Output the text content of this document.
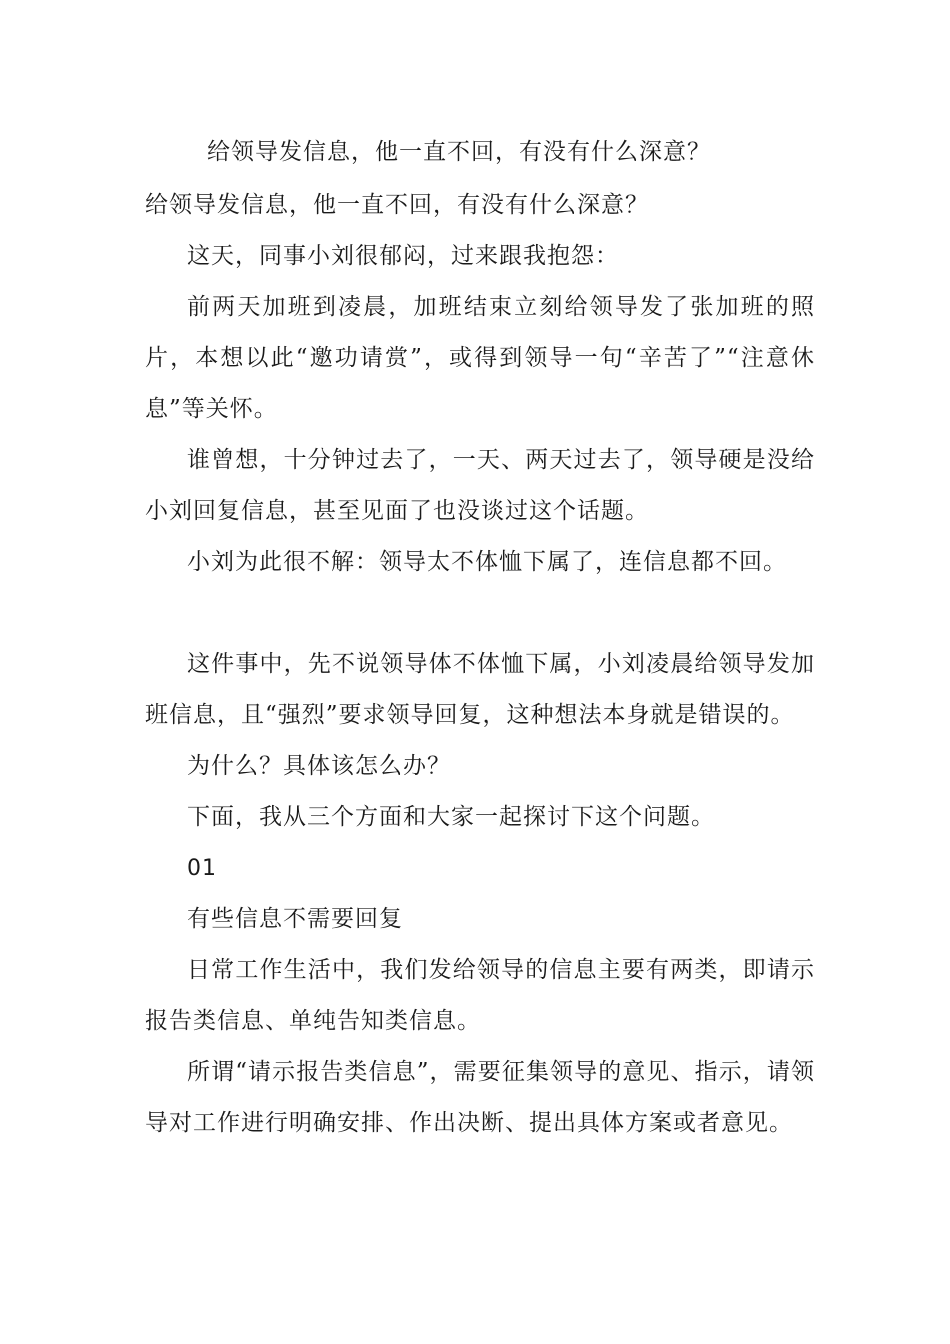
给领导发信息，他一直不回，有没有什么深意？

给领导发信息，他一直不回，有没有什么深意？

这天，同事小刘很郁闷，过来跟我抱怨：

前两天加班到凌晨，加班结束立刻给领导发了张加班的照片，本想以此“邀功请赏”，或得到领导一句“辛苦了”“注意休息”等关怀。

谁曾想，十分钟过去了，一天、两天过去了，领导硬是没给小刘回复信息，甚至见面了也没谈过这个话题。

小刘为此很不解：领导太不体恤下属了，连信息都不回。

这件事中，先不说领导体不体恤下属，小刘凌晨给领导发加班信息，且“强烈”要求领导回复，这种想法本身就是错误的。

为什么？具体该怎么办？

下面，我从三个方面和大家一起探讨下这个问题。

01

有些信息不需要回复

日常工作生活中，我们发给领导的信息主要有两类，即请示报告类信息、单纯告知类信息。

所谓“请示报告类信息”，需要征集领导的意见、指示，请领导对工作进行明确安排、作出决断、提出具体方案或者意见。
